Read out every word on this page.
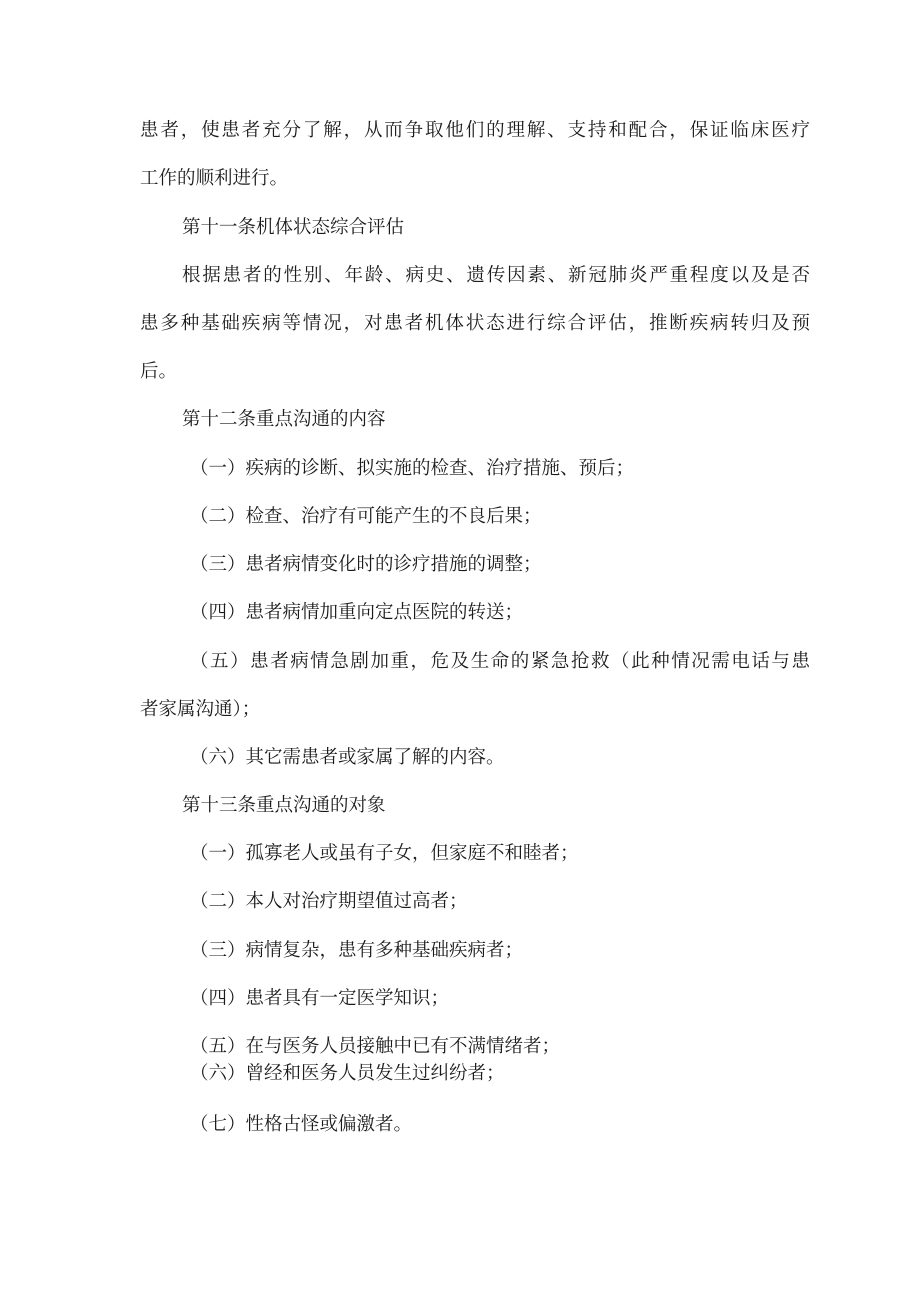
患者，使患者充分了解，从而争取他们的理解、支持和配合，保证临床医疗
工作的顺利进行。
第十一条机体状态综合评估
根据患者的性别、年龄、病史、遗传因素、新冠肺炎严重程度以及是否
患多种基础疾病等情况，对患者机体状态进行综合评估，推断疾病转归及预
后。
第十二条重点沟通的内容
（一）疾病的诊断、拟实施的检查、治疗措施、预后；
（二）检查、治疗有可能产生的不良后果；
（三）患者病情变化时的诊疗措施的调整；
（四）患者病情加重向定点医院的转送；
（五）患者病情急剧加重，危及生命的紧急抢救（此种情况需电话与患
者家属沟通）；
（六）其它需患者或家属了解的内容。
第十三条重点沟通的对象
（一）孤寡老人或虽有子女，但家庭不和睦者；
（二）本人对治疗期望值过高者；
（三）病情复杂，患有多种基础疾病者；
（四）患者具有一定医学知识；
（五）在与医务人员接触中已有不满情绪者；
（六）曾经和医务人员发生过纠纷者；
（七）性格古怪或偏激者。
